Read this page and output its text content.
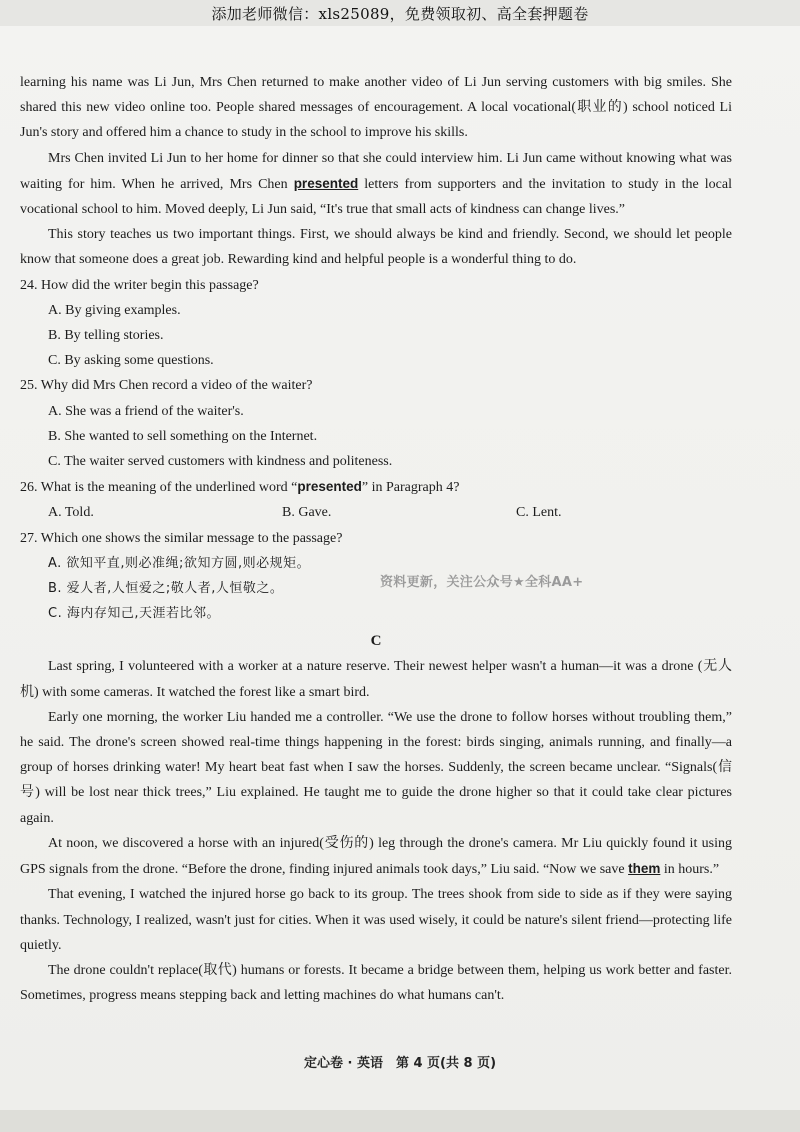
添加老师微信：xls25089，免费领取初、高全套押题卷

learning his name was Li Jun, Mrs Chen returned to make another video of Li Jun serving customers with big smiles. She shared this new video online too. People shared messages of encouragement. A local vocational(职业的) school noticed Li Jun's story and offered him a chance to study in the school to improve his skills.

Mrs Chen invited Li Jun to her home for dinner so that she could interview him. Li Jun came without knowing what was waiting for him. When he arrived, Mrs Chen presented letters from supporters and the invitation to study in the local vocational school to him. Moved deeply, Li Jun said, “It's true that small acts of kindness can change lives.”

This story teaches us two important things. First, we should always be kind and friendly. Second, we should let people know that someone does a great job. Rewarding kind and helpful people is a wonderful thing to do.

24. How did the writer begin this passage?

A. By giving examples.

B. By telling stories.

C. By asking some questions.

25. Why did Mrs Chen record a video of the waiter?

A. She was a friend of the waiter's.

B. She wanted to sell something on the Internet.

C. The waiter served customers with kindness and politeness.

26. What is the meaning of the underlined word “presented” in Paragraph 4?

A. Told.	B. Gave.	C. Lent.

27. Which one shows the similar message to the passage?

A. 欲知平直,则必准绳;欲知方圆,则必规矩。

B. 爱人者,人恒爱之;敬人者,人恒敬之。

C. 海内存知己,天涯若比邻。

C

Last spring, I volunteered with a worker at a nature reserve. Their newest helper wasn't a human—it was a drone (无人机) with some cameras. It watched the forest like a smart bird.

Early one morning, the worker Liu handed me a controller. “We use the drone to follow horses without troubling them,” he said. The drone's screen showed real-time things happening in the forest: birds singing, animals running, and finally—a group of horses drinking water! My heart beat fast when I saw the horses. Suddenly, the screen became unclear. “Signals(信号) will be lost near thick trees,” Liu explained. He taught me to guide the drone higher so that it could take clear pictures again.

At noon, we discovered a horse with an injured(受伤的) leg through the drone's camera. Mr Liu quickly found it using GPS signals from the drone. “Before the drone, finding injured animals took days,” Liu said. “Now we save them in hours.”

That evening, I watched the injured horse go back to its group. The trees shook from side to side as if they were saying thanks. Technology, I realized, wasn't just for cities. When it was used wisely, it could be nature's silent friend—protecting life quietly.

The drone couldn't replace(取代) humans or forests. It became a bridge between them, helping us work better and faster. Sometimes, progress means stepping back and letting machines do what humans can't.

资料更新，关注公众号★全科AA+
定心卷 · 英语　第 4 页(共 8 页)
